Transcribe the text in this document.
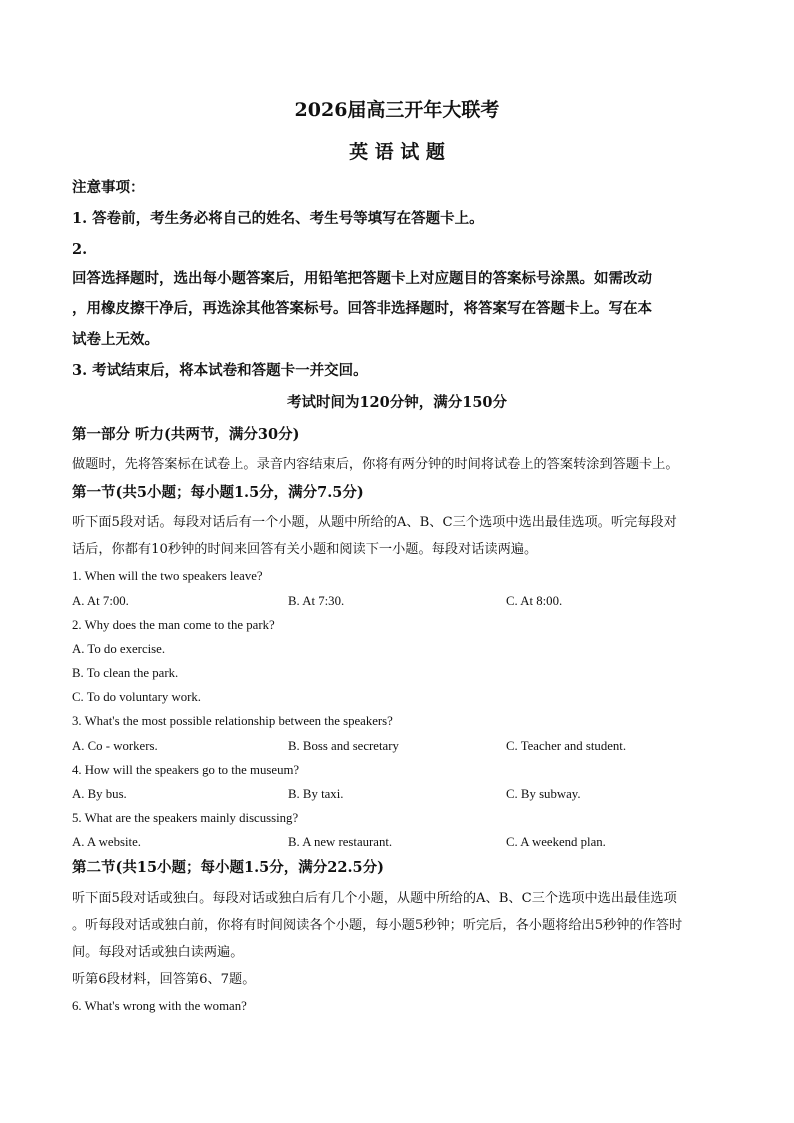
2026届高三开年大联考
英 语 试 题
注意事项：
1. 答卷前，考生务必将自己的姓名、考生号等填写在答题卡上。
2.
回答选择题时，选出每小题答案后，用铅笔把答题卡上对应题目的答案标号涂黑。如需改动
，用橡皮擦干净后，再选涂其他答案标号。回答非选择题时，将答案写在答题卡上。写在本
试卷上无效。
3. 考试结束后，将本试卷和答题卡一并交回。
考试时间为120分钟，满分150分
第一部分 听力(共两节，满分30分)
做题时，先将答案标在试卷上。录音内容结束后，你将有两分钟的时间将试卷上的答案转涂到答题卡上。
第一节(共5小题；每小题1.5分，满分7.5分)
听下面5段对话。每段对话后有一个小题，从题中所给的A、B、C三个选项中选出最佳选项。听完每段对
话后，你都有10秒钟的时间来回答有关小题和阅读下一小题。每段对话读两遍。
1. When will the two speakers leave?
A. At 7:00.	B. At 7:30.	C. At 8:00.
2. Why does the man come to the park?
A. To do exercise.
B. To clean the park.
C. To do voluntary work.
3. What's the most possible relationship between the speakers?
A. Co - workers.	B. Boss and secretary	C. Teacher and student.
4. How will the speakers go to the museum?
A. By bus.	B. By taxi.	C. By subway.
5. What are the speakers mainly discussing?
A. A website.	B. A new restaurant.	C. A weekend plan.
第二节(共15小题；每小题1.5分，满分22.5分)
听下面5段对话或独白。每段对话或独白后有几个小题，从题中所给的A、B、C三个选项中选出最佳选项
。听每段对话或独白前，你将有时间阅读各个小题，每小题5秒钟；听完后，各小题将给出5秒钟的作答时
间。每段对话或独白读两遍。
听第6段材料，回答第6、7题。
6. What's wrong with the woman?
